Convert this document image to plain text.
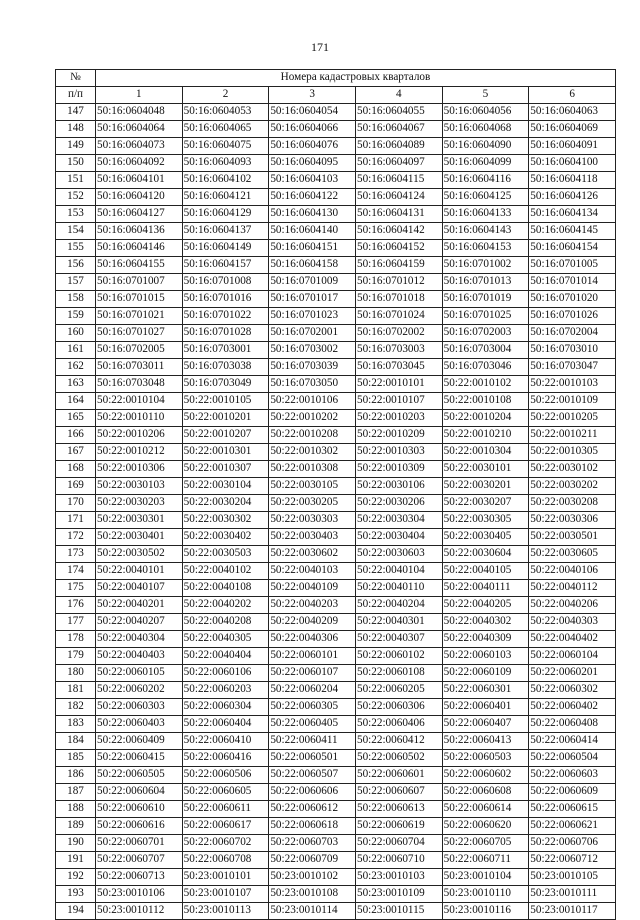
171
№	Номера кадастровых кварталов					
п/п	1	2	3	4	5	6
147	50:16:0604048	50:16:0604053	50:16:0604054	50:16:0604055	50:16:0604056	50:16:0604063
148	50:16:0604064	50:16:0604065	50:16:0604066	50:16:0604067	50:16:0604068	50:16:0604069
149	50:16:0604073	50:16:0604075	50:16:0604076	50:16:0604089	50:16:0604090	50:16:0604091
150	50:16:0604092	50:16:0604093	50:16:0604095	50:16:0604097	50:16:0604099	50:16:0604100
151	50:16:0604101	50:16:0604102	50:16:0604103	50:16:0604115	50:16:0604116	50:16:0604118
152	50:16:0604120	50:16:0604121	50:16:0604122	50:16:0604124	50:16:0604125	50:16:0604126
153	50:16:0604127	50:16:0604129	50:16:0604130	50:16:0604131	50:16:0604133	50:16:0604134
154	50:16:0604136	50:16:0604137	50:16:0604140	50:16:0604142	50:16:0604143	50:16:0604145
155	50:16:0604146	50:16:0604149	50:16:0604151	50:16:0604152	50:16:0604153	50:16:0604154
156	50:16:0604155	50:16:0604157	50:16:0604158	50:16:0604159	50:16:0701002	50:16:0701005
157	50:16:0701007	50:16:0701008	50:16:0701009	50:16:0701012	50:16:0701013	50:16:0701014
158	50:16:0701015	50:16:0701016	50:16:0701017	50:16:0701018	50:16:0701019	50:16:0701020
159	50:16:0701021	50:16:0701022	50:16:0701023	50:16:0701024	50:16:0701025	50:16:0701026
160	50:16:0701027	50:16:0701028	50:16:0702001	50:16:0702002	50:16:0702003	50:16:0702004
161	50:16:0702005	50:16:0703001	50:16:0703002	50:16:0703003	50:16:0703004	50:16:0703010
162	50:16:0703011	50:16:0703038	50:16:0703039	50:16:0703045	50:16:0703046	50:16:0703047
163	50:16:0703048	50:16:0703049	50:16:0703050	50:22:0010101	50:22:0010102	50:22:0010103
164	50:22:0010104	50:22:0010105	50:22:0010106	50:22:0010107	50:22:0010108	50:22:0010109
165	50:22:0010110	50:22:0010201	50:22:0010202	50:22:0010203	50:22:0010204	50:22:0010205
166	50:22:0010206	50:22:0010207	50:22:0010208	50:22:0010209	50:22:0010210	50:22:0010211
167	50:22:0010212	50:22:0010301	50:22:0010302	50:22:0010303	50:22:0010304	50:22:0010305
168	50:22:0010306	50:22:0010307	50:22:0010308	50:22:0010309	50:22:0030101	50:22:0030102
169	50:22:0030103	50:22:0030104	50:22:0030105	50:22:0030106	50:22:0030201	50:22:0030202
170	50:22:0030203	50:22:0030204	50:22:0030205	50:22:0030206	50:22:0030207	50:22:0030208
171	50:22:0030301	50:22:0030302	50:22:0030303	50:22:0030304	50:22:0030305	50:22:0030306
172	50:22:0030401	50:22:0030402	50:22:0030403	50:22:0030404	50:22:0030405	50:22:0030501
173	50:22:0030502	50:22:0030503	50:22:0030602	50:22:0030603	50:22:0030604	50:22:0030605
174	50:22:0040101	50:22:0040102	50:22:0040103	50:22:0040104	50:22:0040105	50:22:0040106
175	50:22:0040107	50:22:0040108	50:22:0040109	50:22:0040110	50:22:0040111	50:22:0040112
176	50:22:0040201	50:22:0040202	50:22:0040203	50:22:0040204	50:22:0040205	50:22:0040206
177	50:22:0040207	50:22:0040208	50:22:0040209	50:22:0040301	50:22:0040302	50:22:0040303
178	50:22:0040304	50:22:0040305	50:22:0040306	50:22:0040307	50:22:0040309	50:22:0040402
179	50:22:0040403	50:22:0040404	50:22:0060101	50:22:0060102	50:22:0060103	50:22:0060104
180	50:22:0060105	50:22:0060106	50:22:0060107	50:22:0060108	50:22:0060109	50:22:0060201
181	50:22:0060202	50:22:0060203	50:22:0060204	50:22:0060205	50:22:0060301	50:22:0060302
182	50:22:0060303	50:22:0060304	50:22:0060305	50:22:0060306	50:22:0060401	50:22:0060402
183	50:22:0060403	50:22:0060404	50:22:0060405	50:22:0060406	50:22:0060407	50:22:0060408
184	50:22:0060409	50:22:0060410	50:22:0060411	50:22:0060412	50:22:0060413	50:22:0060414
185	50:22:0060415	50:22:0060416	50:22:0060501	50:22:0060502	50:22:0060503	50:22:0060504
186	50:22:0060505	50:22:0060506	50:22:0060507	50:22:0060601	50:22:0060602	50:22:0060603
187	50:22:0060604	50:22:0060605	50:22:0060606	50:22:0060607	50:22:0060608	50:22:0060609
188	50:22:0060610	50:22:0060611	50:22:0060612	50:22:0060613	50:22:0060614	50:22:0060615
189	50:22:0060616	50:22:0060617	50:22:0060618	50:22:0060619	50:22:0060620	50:22:0060621
190	50:22:0060701	50:22:0060702	50:22:0060703	50:22:0060704	50:22:0060705	50:22:0060706
191	50:22:0060707	50:22:0060708	50:22:0060709	50:22:0060710	50:22:0060711	50:22:0060712
192	50:22:0060713	50:23:0010101	50:23:0010102	50:23:0010103	50:23:0010104	50:23:0010105
193	50:23:0010106	50:23:0010107	50:23:0010108	50:23:0010109	50:23:0010110	50:23:0010111
194	50:23:0010112	50:23:0010113	50:23:0010114	50:23:0010115	50:23:0010116	50:23:0010117
